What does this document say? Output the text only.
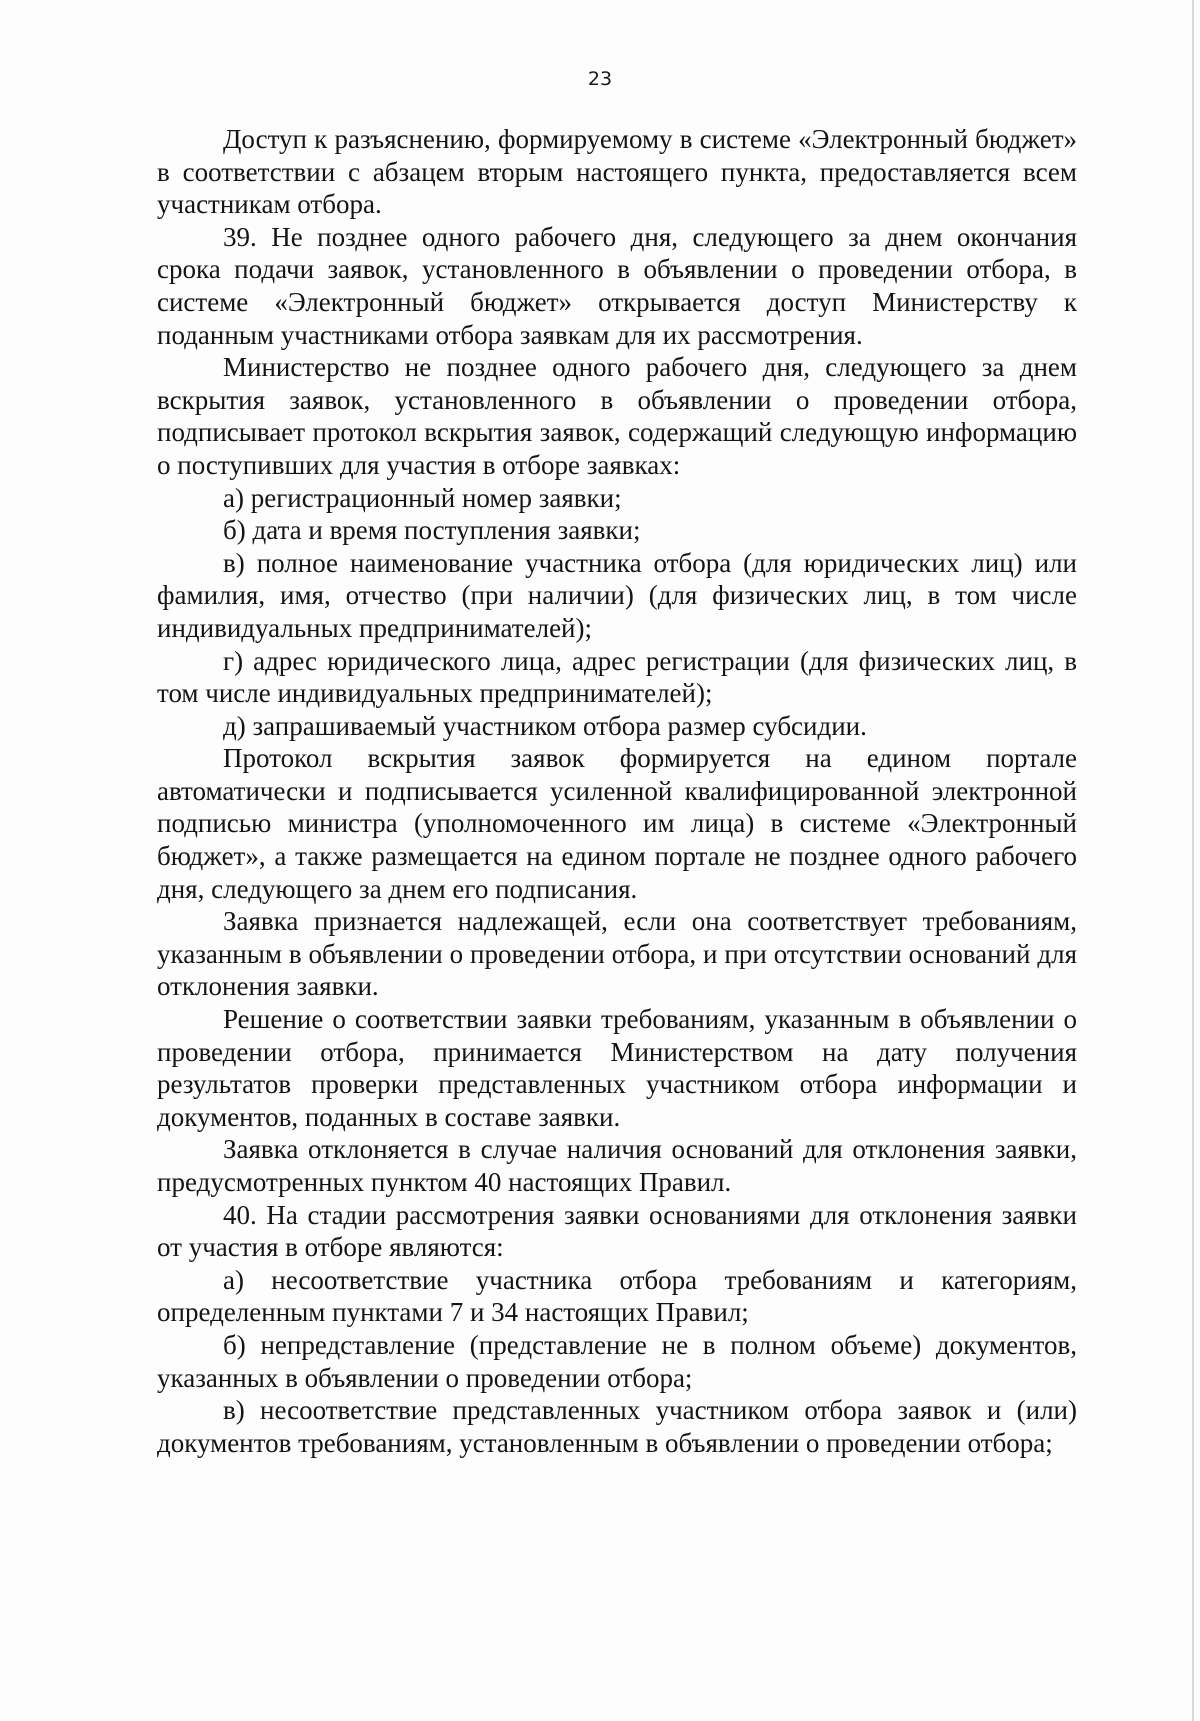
23

Доступ к разъяснению, формируемому в системе «Электронный бюджет» в соответствии с абзацем вторым настоящего пункта, предоставляется всем участникам отбора.

39. Не позднее одного рабочего дня, следующего за днем окончания срока подачи заявок, установленного в объявлении о проведении отбора, в системе «Электронный бюджет» открывается доступ Министерству к поданным участниками отбора заявкам для их рассмотрения.

Министерство не позднее одного рабочего дня, следующего за днем вскрытия заявок, установленного в объявлении о проведении отбора, подписывает протокол вскрытия заявок, содержащий следующую информацию о поступивших для участия в отборе заявках:

а) регистрационный номер заявки;

б) дата и время поступления заявки;

в) полное наименование участника отбора (для юридических лиц) или фамилия, имя, отчество (при наличии) (для физических лиц, в том числе индивидуальных предпринимателей);

г) адрес юридического лица, адрес регистрации (для физических лиц, в том числе индивидуальных предпринимателей);

д) запрашиваемый участником отбора размер субсидии.

Протокол вскрытия заявок формируется на едином портале автоматически и подписывается усиленной квалифицированной электронной подписью министра (уполномоченного им лица) в системе «Электронный бюджет», а также размещается на едином портале не позднее одного рабочего дня, следующего за днем его подписания.

Заявка признается надлежащей, если она соответствует требованиям, указанным в объявлении о проведении отбора, и при отсутствии оснований для отклонения заявки.

Решение о соответствии заявки требованиям, указанным в объявлении о проведении отбора, принимается Министерством на дату получения результатов проверки представленных участником отбора информации и документов, поданных в составе заявки.

Заявка отклоняется в случае наличия оснований для отклонения заявки, предусмотренных пунктом 40 настоящих Правил.

40. На стадии рассмотрения заявки основаниями для отклонения заявки от участия в отборе являются:

а) несоответствие участника отбора требованиям и категориям, определенным пунктами 7 и 34 настоящих Правил;

б) непредставление (представление не в полном объеме) документов, указанных в объявлении о проведении отбора;

в) несоответствие представленных участником отбора заявок и (или) документов требованиям, установленным в объявлении о проведении отбора;
